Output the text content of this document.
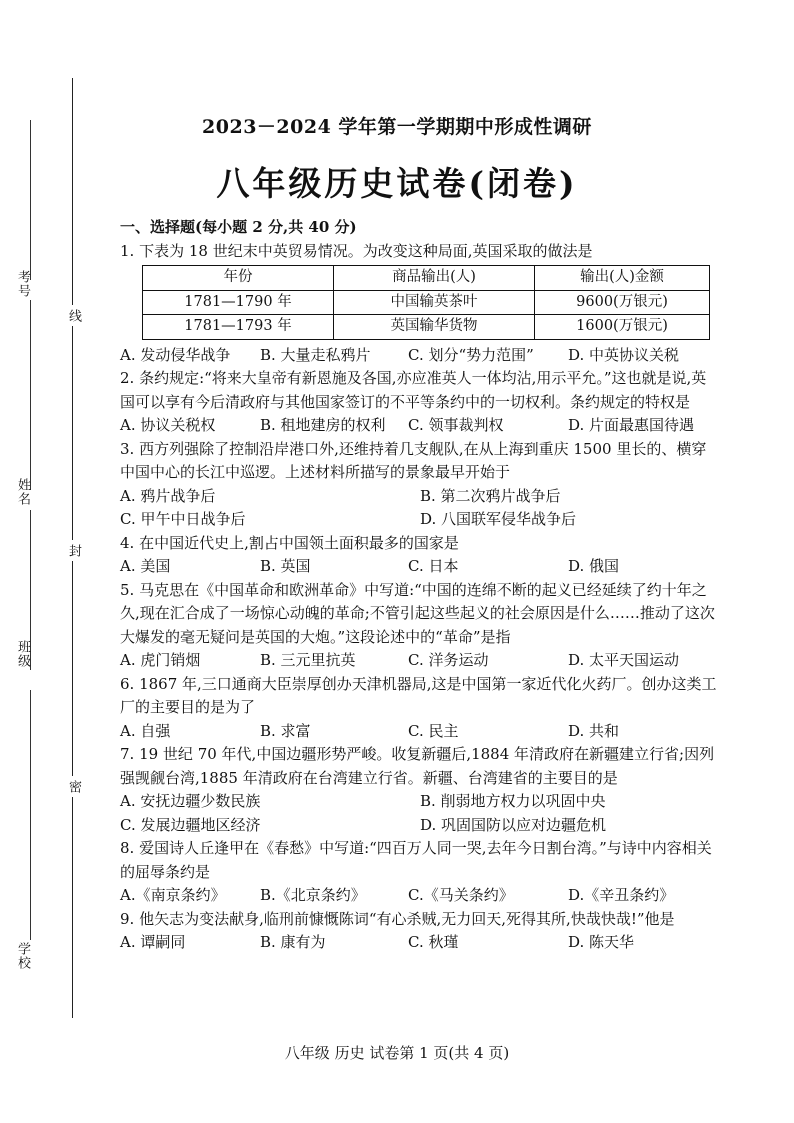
考号
姓名
班级
学校
线
封
密
2023－2024 学年第一学期期中形成性调研
八年级历史试卷(闭卷)
一、选择题(每小题 2 分,共 40 分)
1. 下表为 18 世纪末中英贸易情况。为改变这种局面,英国采取的做法是
年份	商品输出(人)	输出(人)金额
1781—1790 年	中国输英茶叶	9600(万银元)
1781—1793 年	英国输华货物	1600(万银元)
A. 发动侵华战争	B. 大量走私鸦片	C. 划分“势力范围”	D. 中英协议关税
2. 条约规定:“将来大皇帝有新恩施及各国,亦应准英人一体均沾,用示平允。”这也就是说,英国可以享有今后清政府与其他国家签订的不平等条约中的一切权利。条约规定的特权是
A. 协议关税权	B. 租地建房的权利	C. 领事裁判权	D. 片面最惠国待遇
3. 西方列强除了控制沿岸港口外,还维持着几支舰队,在从上海到重庆 1500 里长的、横穿中国中心的长江中巡逻。上述材料所描写的景象最早开始于
A. 鸦片战争后	B. 第二次鸦片战争后
C. 甲午中日战争后	D. 八国联军侵华战争后
4. 在中国近代史上,割占中国领土面积最多的国家是
A. 美国	B. 英国	C. 日本	D. 俄国
5. 马克思在《中国革命和欧洲革命》中写道:“中国的连绵不断的起义已经延续了约十年之久,现在汇合成了一场惊心动魄的革命;不管引起这些起义的社会原因是什么……推动了这次大爆发的毫无疑问是英国的大炮。”这段论述中的“革命”是指
A. 虎门销烟	B. 三元里抗英	C. 洋务运动	D. 太平天国运动
6. 1867 年,三口通商大臣崇厚创办天津机器局,这是中国第一家近代化火药厂。创办这类工厂的主要目的是为了
A. 自强	B. 求富	C. 民主	D. 共和
7. 19 世纪 70 年代,中国边疆形势严峻。收复新疆后,1884 年清政府在新疆建立行省;因列强觊觎台湾,1885 年清政府在台湾建立行省。新疆、台湾建省的主要目的是
A. 安抚边疆少数民族	B. 削弱地方权力以巩固中央
C. 发展边疆地区经济	D. 巩固国防以应对边疆危机
8. 爱国诗人丘逢甲在《春愁》中写道:“四百万人同一哭,去年今日割台湾。”与诗中内容相关的屈辱条约是
A.《南京条约》	B.《北京条约》	C.《马关条约》	D.《辛丑条约》
9. 他矢志为变法献身,临刑前慷慨陈词“有心杀贼,无力回天,死得其所,快哉快哉!”他是
A. 谭嗣同	B. 康有为	C. 秋瑾	D. 陈天华
八年级 历史 试卷第 1 页(共 4 页)
